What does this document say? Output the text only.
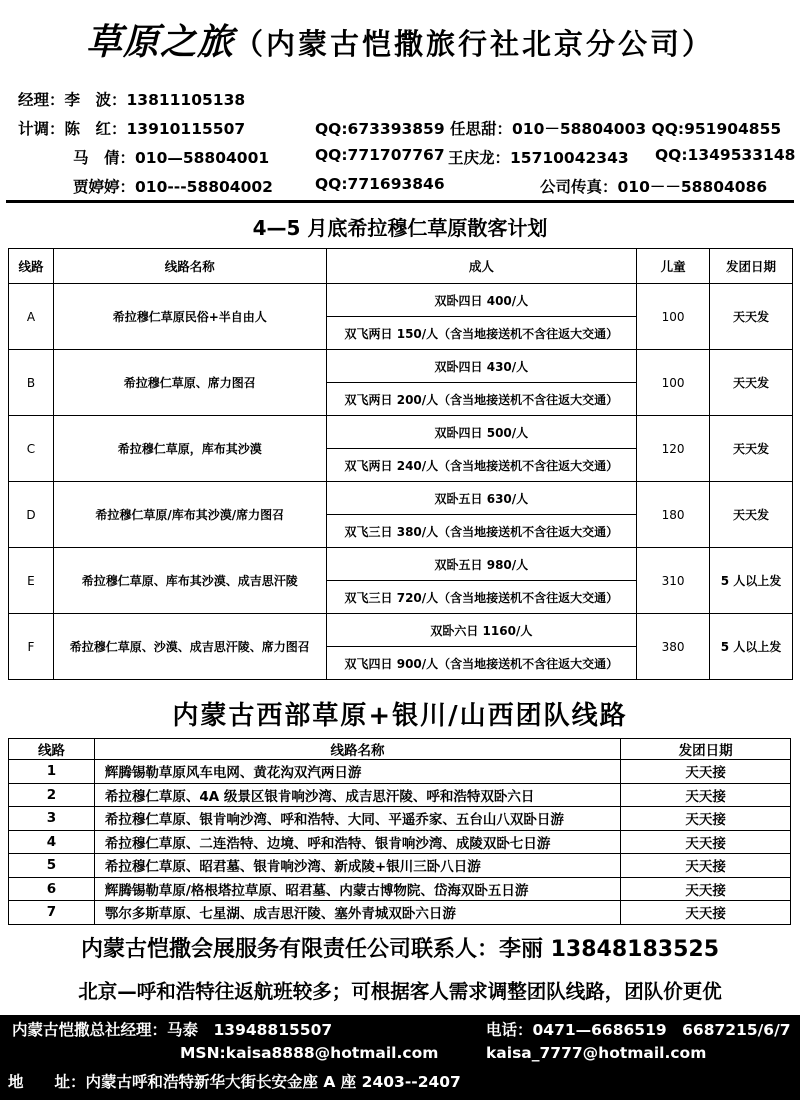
草原之旅（内蒙古恺撒旅行社北京分公司）
经理：李　波：13811105138
计调：陈　红：13910115507	QQ:673393859 任思甜：010－58804003 QQ:951904855
马　倩：010—58804001	QQ:771707767 王庆龙：15710042343 QQ:1349533148
贾婷婷：010---58804002	QQ:771693846	公司传真：010－－58804086
4—5 月底希拉穆仁草原散客计划
线路	线路名称	成人	儿童	发团日期
A	希拉穆仁草原民俗+半自由人	双卧四日 400/人	100	天天发
		双飞两日 150/人（含当地接送机不含往返大交通）		
B	希拉穆仁草原、席力图召	双卧四日 430/人	100	天天发
		双飞两日 200/人（含当地接送机不含往返大交通）		
C	希拉穆仁草原，库布其沙漠	双卧四日 500/人	120	天天发
		双飞两日 240/人（含当地接送机不含往返大交通）		
D	希拉穆仁草原/库布其沙漠/席力图召	双卧五日 630/人	180	天天发
		双飞三日 380/人（含当地接送机不含往返大交通）		
E	希拉穆仁草原、库布其沙漠、成吉思汗陵	双卧五日 980/人	310	5 人以上发
		双飞三日 720/人（含当地接送机不含往返大交通）		
F	希拉穆仁草原、沙漠、成吉思汗陵、席力图召	双卧六日 1160/人	380	5 人以上发
		双飞四日 900/人（含当地接送机不含往返大交通）		
内蒙古西部草原+银川/山西团队线路
线路	线路名称	发团日期
1	辉腾锡勒草原风车电网、黄花沟双汽两日游	天天接
2	希拉穆仁草原、4A 级景区银肯响沙湾、成吉思汗陵、呼和浩特双卧六日	天天接
3	希拉穆仁草原、银肯响沙湾、呼和浩特、大同、平遥乔家、五台山八双卧日游	天天接
4	希拉穆仁草原、二连浩特、边境、呼和浩特、银肯响沙湾、成陵双卧七日游	天天接
5	希拉穆仁草原、昭君墓、银肯响沙湾、新成陵+银川三卧八日游	天天接
6	辉腾锡勒草原/格根塔拉草原、昭君墓、内蒙古博物院、岱海双卧五日游	天天接
7	鄂尔多斯草原、七星湖、成吉思汗陵、塞外青城双卧六日游	天天接
内蒙古恺撒会展服务有限责任公司联系人：李丽 13848183525
北京—呼和浩特往返航班较多；可根据客人需求调整团队线路，团队价更优
内蒙古恺撒总社经理：马泰　13948815507	电话：0471—6686519　6687215/6/7
MSN:kaisa8888@hotmail.com	kaisa_7777@hotmail.com
地　　址：内蒙古呼和浩特新华大街长安金座 A 座 2403--2407
